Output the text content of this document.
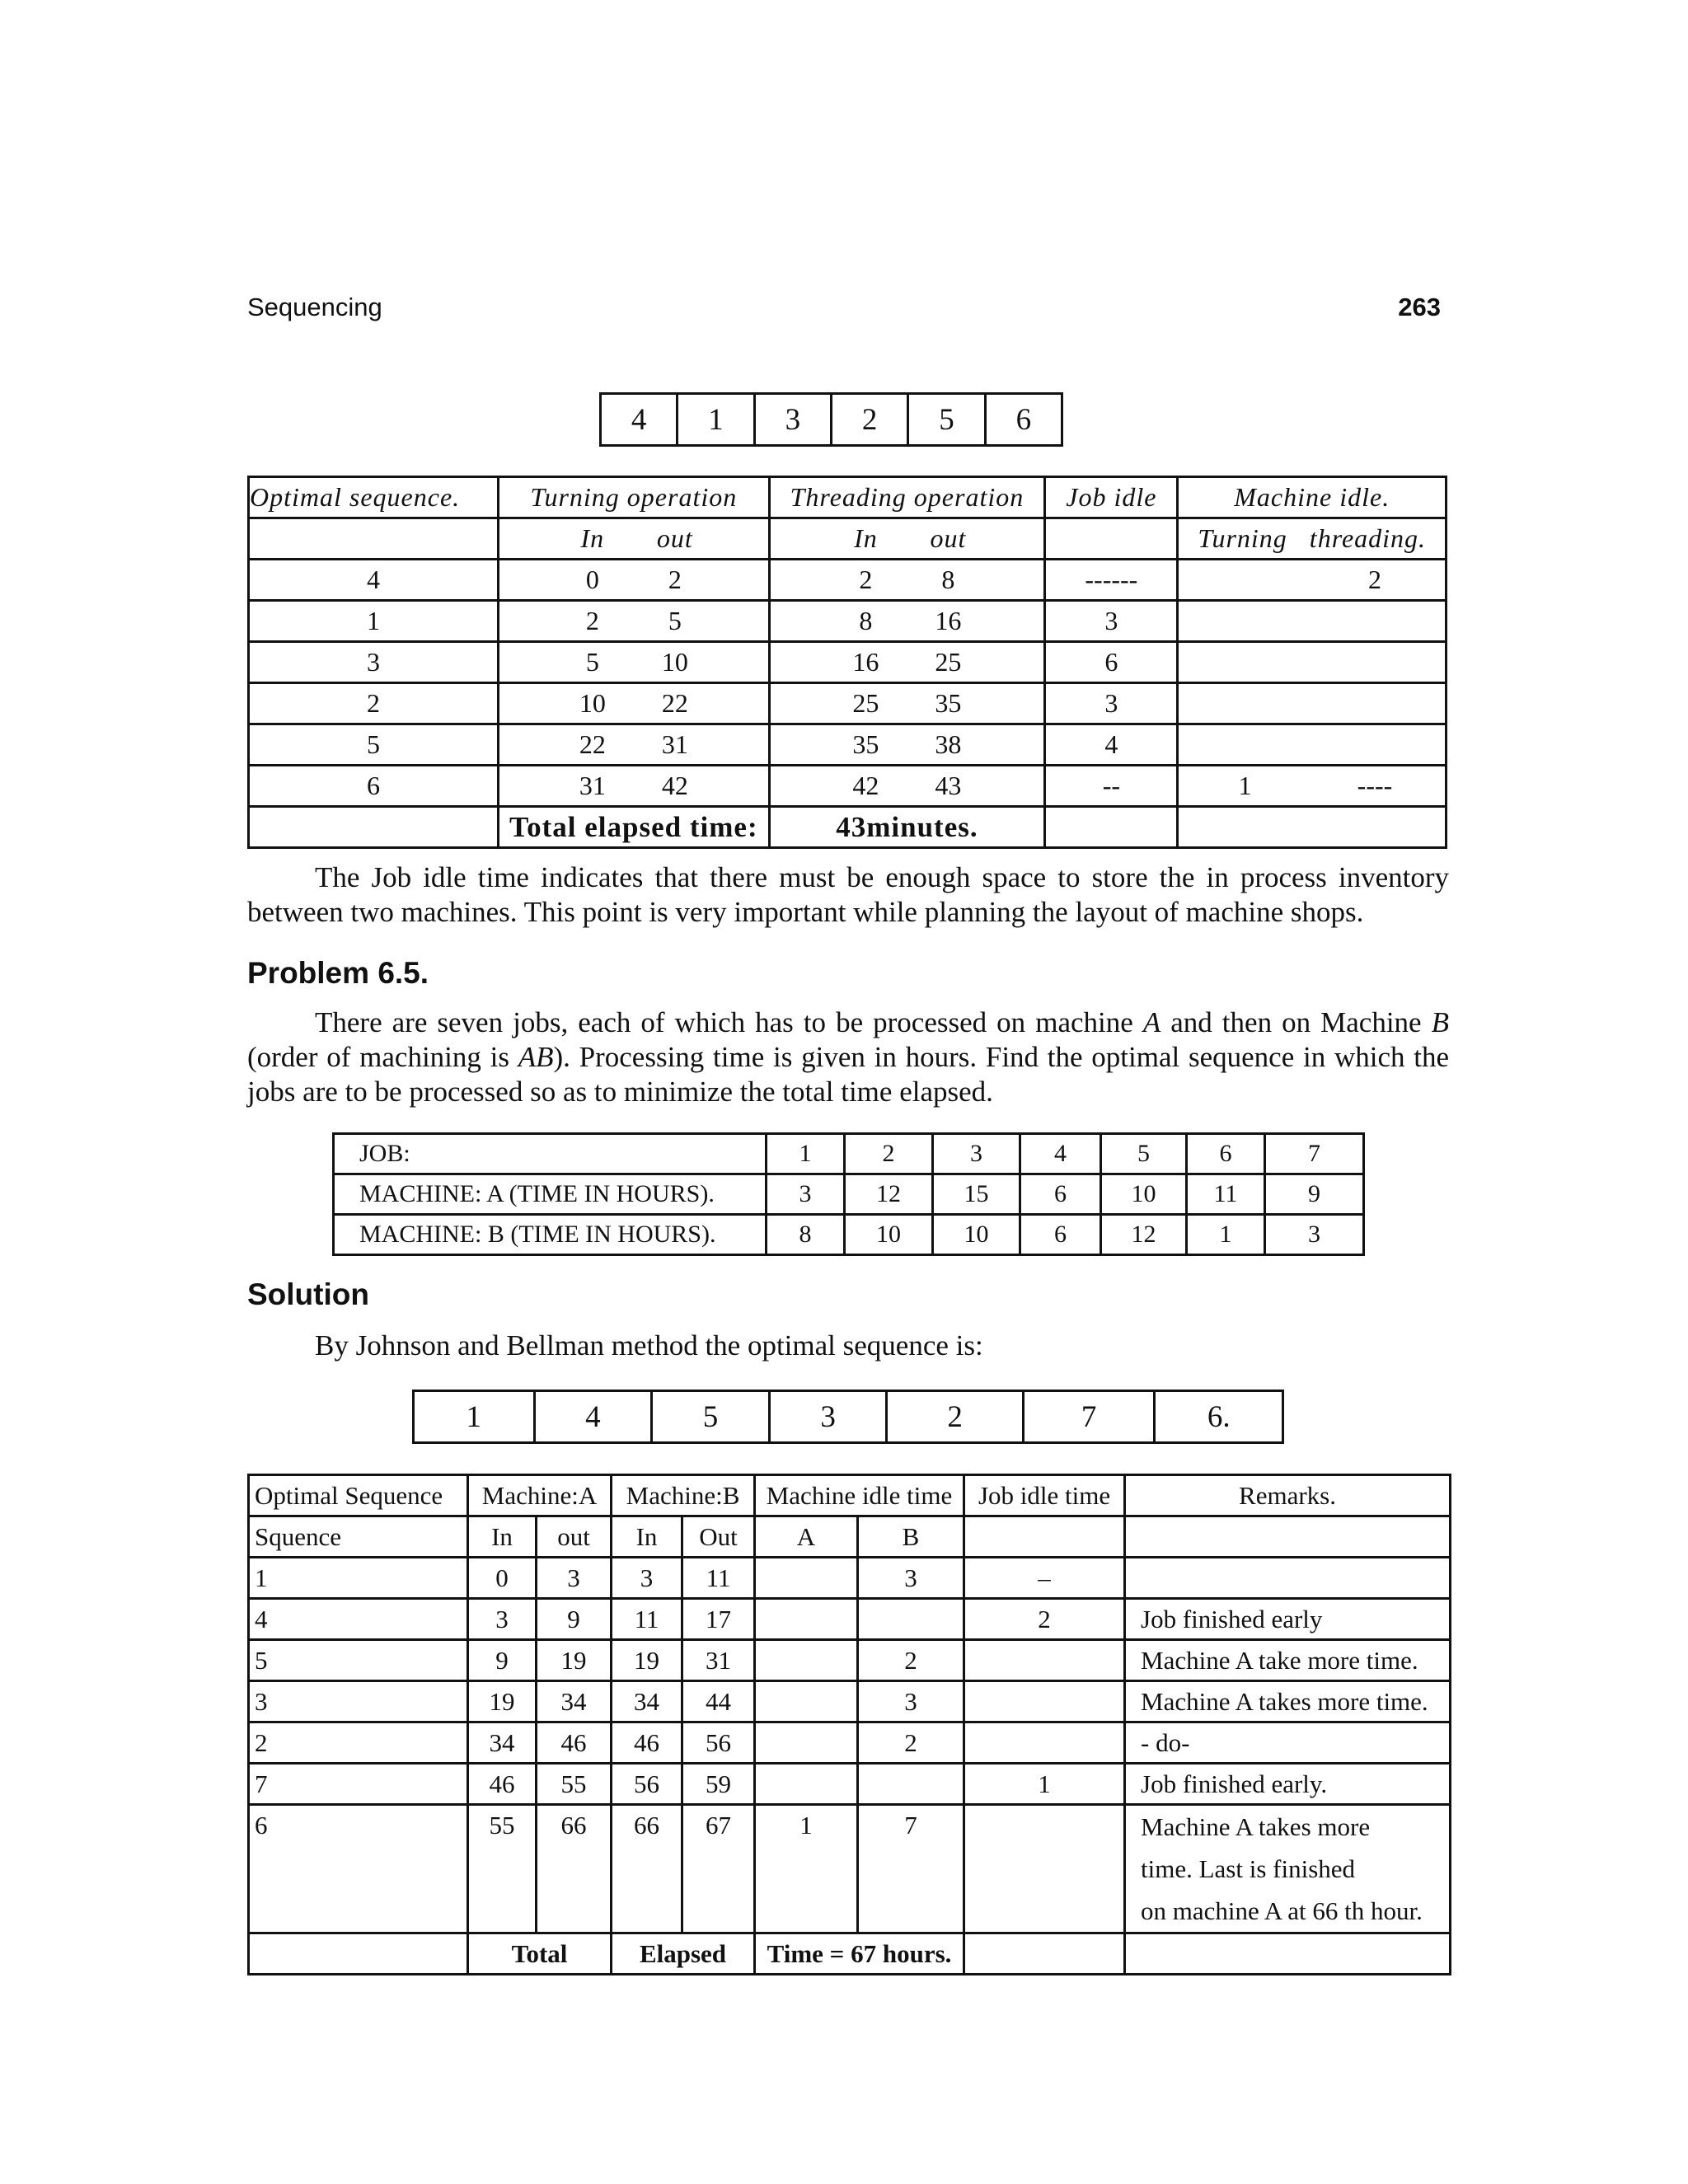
Sequencing	263
4	1	3	2	5	6
Optimal sequence.	Turning operation	Threading operation	Job idle	Machine idle.
	In out	In out		Turning   threading.
4	0 2	2 8	------	2
1	2 5	8 16	3	
3	5 10	16 25	6	
2	10 22	25 35	3	
5	22 31	35 38	4	
6	31 42	42 43	--	1 ----
	Total elapsed time:	43minutes.		

The Job idle time indicates that there must be enough space to store the in process inventory between two machines. This point is very important while planning the layout of machine shops.

Problem 6.5.

There are seven jobs, each of which has to be processed on machine A and then on Machine B (order of machining is AB). Processing time is given in hours. Find the optimal sequence in which the jobs are to be processed so as to minimize the total time elapsed.

JOB:	1	2	3	4	5	6	7
MACHINE: A (TIME IN HOURS).	3	12	15	6	10	11	9
MACHINE: B (TIME IN HOURS).	8	10	10	6	12	1	3
Solution

By Johnson and Bellman method the optimal sequence is:

1	4	5	3	2	7	6.
Optimal Sequence	Machine:A		Machine:B		Machine idle time		Job idle time	Remarks.
Squence	In	out	In	Out	A	B		
1	0	3	3	11		3	–	
4	3	9	11	17			2	Job finished early
5	9	19	19	31		2		Machine A take more time.
3	19	34	34	44		3		Machine A takes more time.
2	34	46	46	56		2		- do-
7	46	55	56	59			1	Job finished early.
6	55	66	66	67	1	7		Machine A takes more
time. Last is finished
on machine A at 66 th hour.

	Total		Elapsed		Time = 67 hours.			
